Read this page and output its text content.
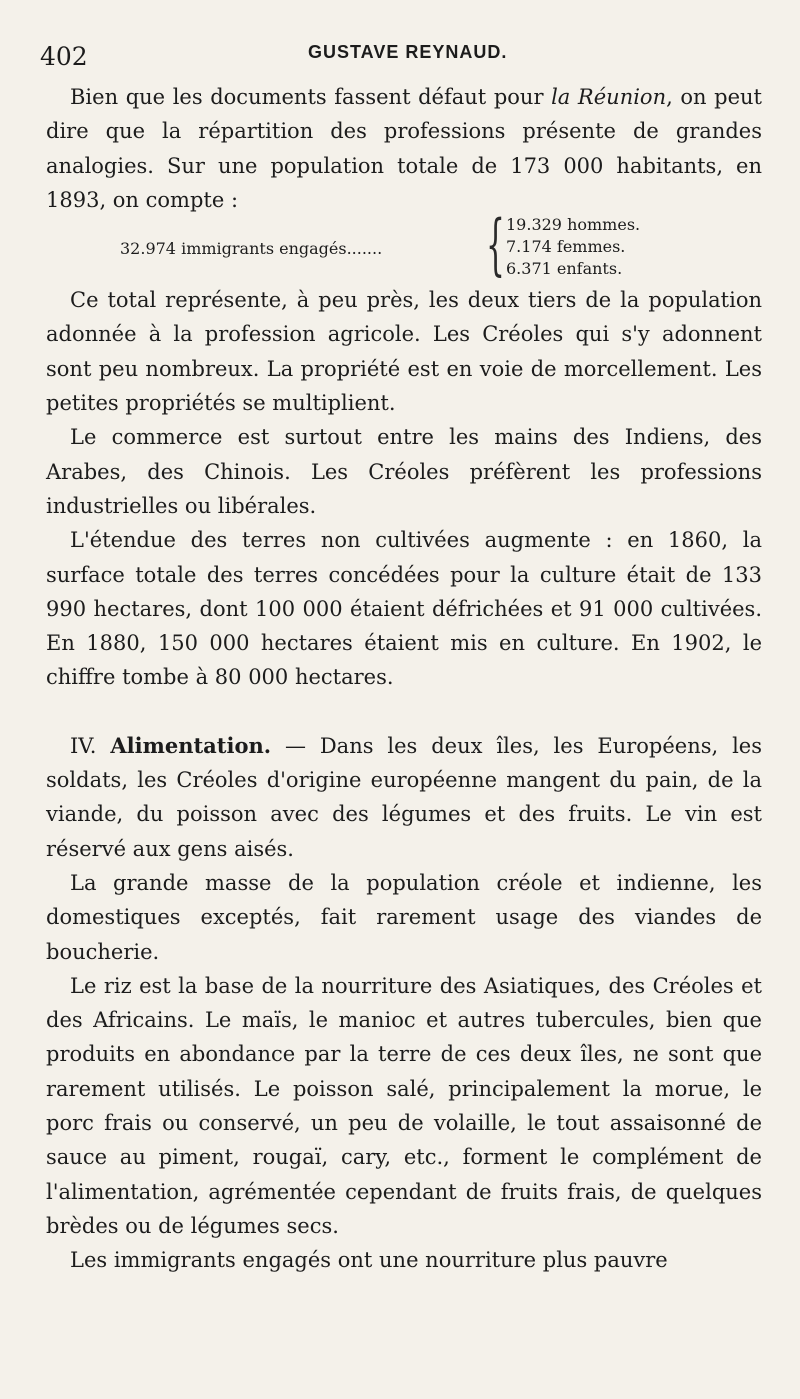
402	GUSTAVE REYNAUD.

Bien que les documents fassent défaut pour la Réunion, on peut dire que la répartition des professions présente de grandes analogies. Sur une population totale de 173 000 habitants, en 1893, on compte :

32.974 immigrants engagés....... { 19.329 hommes.
7.174 femmes.
6.371 enfants.

Ce total représente, à peu près, les deux tiers de la population adonnée à la profession agricole. Les Créoles qui s'y adonnent sont peu nombreux. La propriété est en voie de morcellement. Les petites propriétés se multiplient.

Le commerce est surtout entre les mains des Indiens, des Arabes, des Chinois. Les Créoles préfèrent les professions industrielles ou libérales.

L'étendue des terres non cultivées augmente : en 1860, la surface totale des terres concédées pour la culture était de 133 990 hectares, dont 100 000 étaient défrichées et 91 000 cultivées. En 1880, 150 000 hectares étaient mis en culture. En 1902, le chiffre tombe à 80 000 hectares.

IV. Alimentation. — Dans les deux îles, les Européens, les soldats, les Créoles d'origine européenne mangent du pain, de la viande, du poisson avec des légumes et des fruits. Le vin est réservé aux gens aisés.

La grande masse de la population créole et indienne, les domestiques exceptés, fait rarement usage des viandes de boucherie.

Le riz est la base de la nourriture des Asiatiques, des Créoles et des Africains. Le maïs, le manioc et autres tubercules, bien que produits en abondance par la terre de ces deux îles, ne sont que rarement utilisés. Le poisson salé, principalement la morue, le porc frais ou conservé, un peu de volaille, le tout assaisonné de sauce au piment, rougaï, cary, etc., forment le complément de l'alimentation, agrémentée cependant de fruits frais, de quelques brèdes ou de légumes secs.

Les immigrants engagés ont une nourriture plus pauvre
